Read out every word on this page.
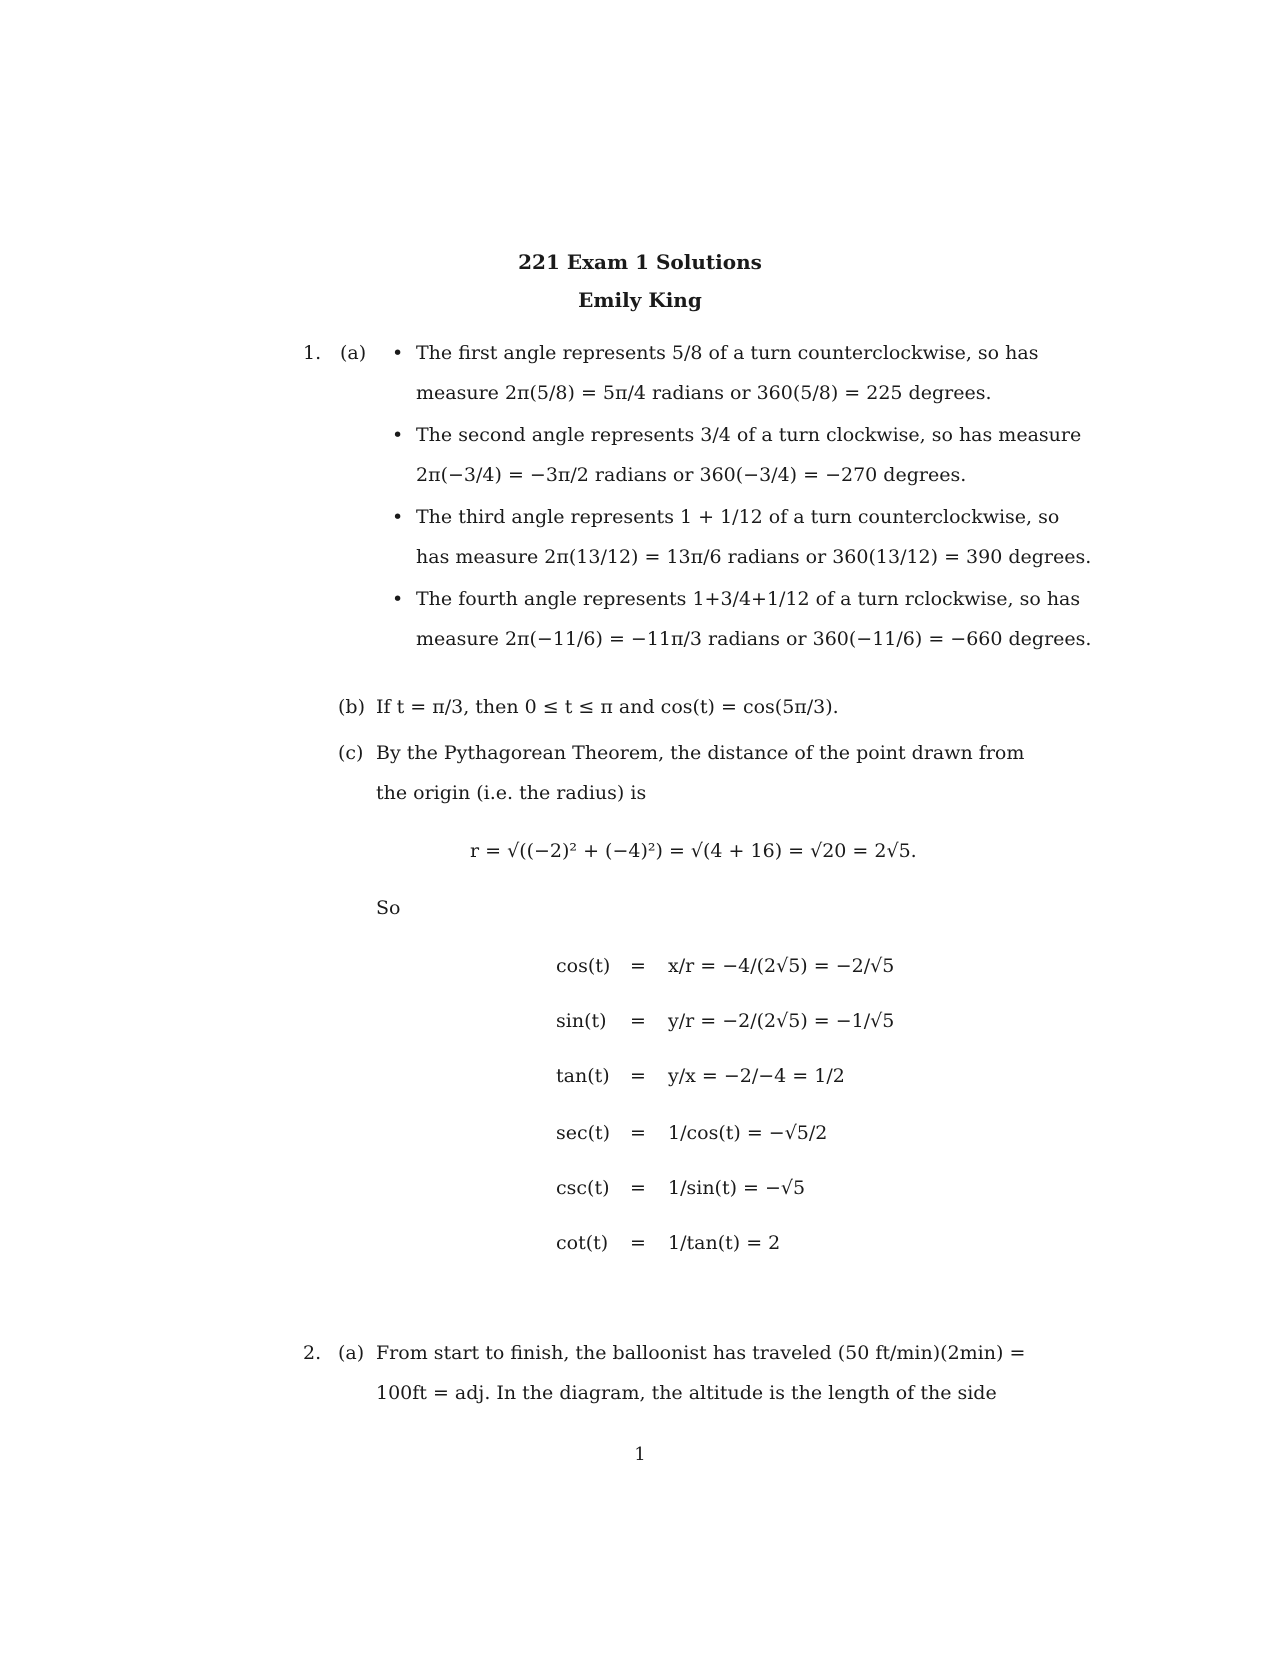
221 Exam 1 Solutions
Emily King
1. (a) • The first angle represents 5/8 of a turn counterclockwise, so has
measure 2π(5/8) = 5π/4 radians or 360(5/8) = 225 degrees.
• The second angle represents 3/4 of a turn clockwise, so has measure
2π(−3/4) = −3π/2 radians or 360(−3/4) = −270 degrees.
• The third angle represents 1 + 1/12 of a turn counterclockwise, so
has measure 2π(13/12) = 13π/6 radians or 360(13/12) = 390 degrees.
• The fourth angle represents 1+3/4+1/12 of a turn rclockwise, so has
measure 2π(−11/6) = −11π/3 radians or 360(−11/6) = −660 degrees.
(b) If t = π/3, then 0 ≤ t ≤ π and cos(t) = cos(5π/3).
(c) By the Pythagorean Theorem, the distance of the point drawn from
the origin (i.e. the radius) is
r = √((−2)² + (−4)²) = √(4 + 16) = √20 = 2√5.
So
cos(t) = x/r = −4/(2√5) = −2/√5
sin(t) = y/r = −2/(2√5) = −1/√5
tan(t) = y/x = −2/−4 = 1/2
sec(t) = 1/cos(t) = −√5/2
csc(t) = 1/sin(t) = −√5
cot(t) = 1/tan(t) = 2
2. (a) From start to finish, the balloonist has traveled (50 ft/min)(2min) =
100ft = adj. In the diagram, the altitude is the length of the side
1
